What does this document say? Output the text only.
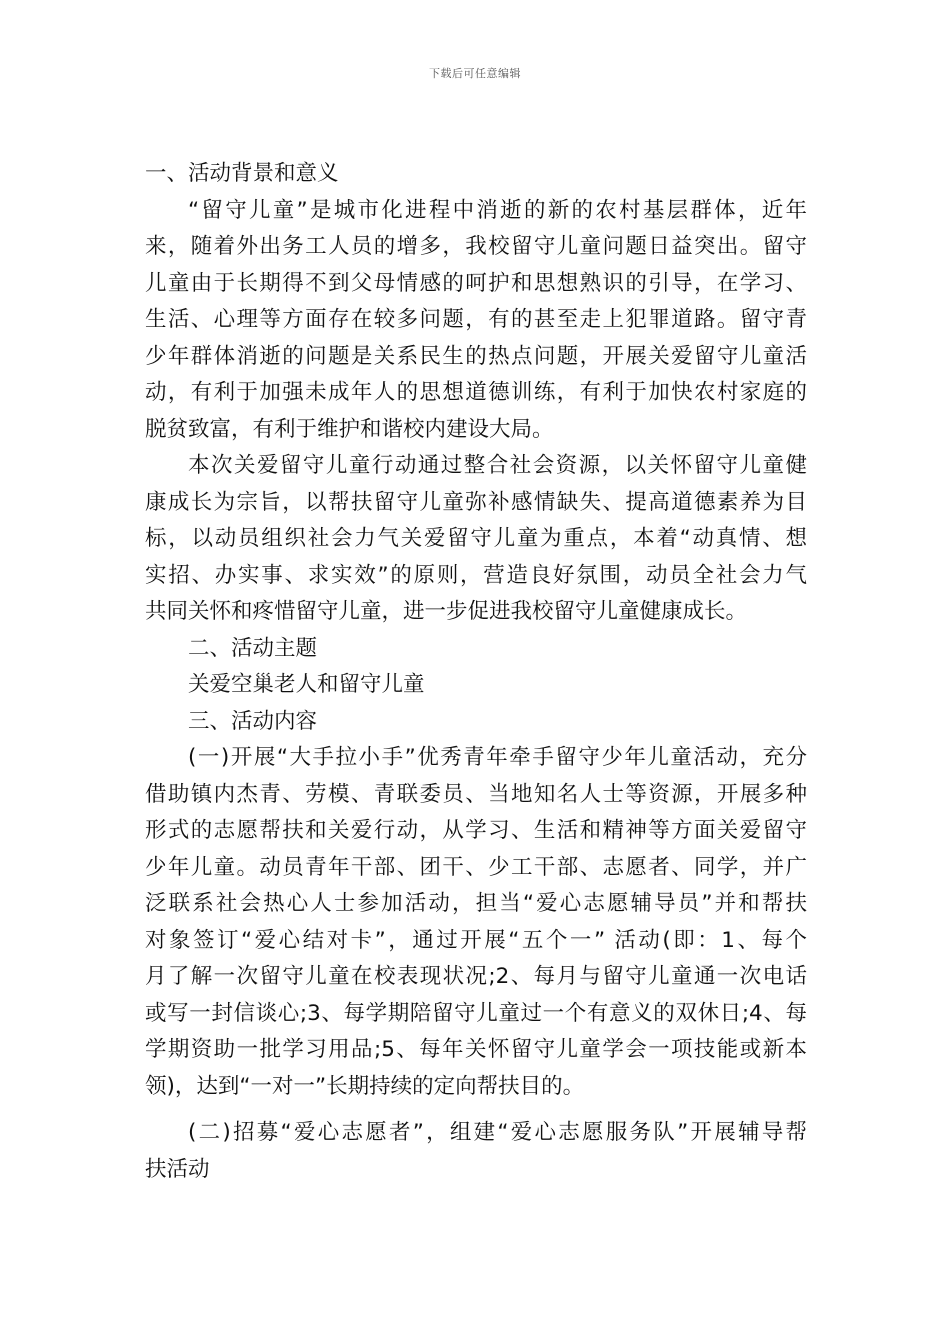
下载后可任意编辑
一、活动背景和意义
“留守儿童”是城市化进程中消逝的新的农村基层群体，近年
来，随着外出务工人员的增多，我校留守儿童问题日益突出。留守
儿童由于长期得不到父母情感的呵护和思想熟识的引导，在学习、
生活、心理等方面存在较多问题，有的甚至走上犯罪道路。留守青
少年群体消逝的问题是关系民生的热点问题，开展关爱留守儿童活
动，有利于加强未成年人的思想道德训练，有利于加快农村家庭的
脱贫致富，有利于维护和谐校内建设大局。
本次关爱留守儿童行动通过整合社会资源，以关怀留守儿童健
康成长为宗旨，以帮扶留守儿童弥补感情缺失、提高道德素养为目
标，以动员组织社会力气关爱留守儿童为重点，本着“动真情、想
实招、办实事、求实效”的原则，营造良好氛围，动员全社会力气
共同关怀和疼惜留守儿童，进一步促进我校留守儿童健康成长。
二、活动主题
关爱空巢老人和留守儿童
三、活动内容
(一)开展“大手拉小手”优秀青年牵手留守少年儿童活动，充分
借助镇内杰青、劳模、青联委员、当地知名人士等资源，开展多种
形式的志愿帮扶和关爱行动，从学习、生活和精神等方面关爱留守
少年儿童。动员青年干部、团干、少工干部、志愿者、同学，并广
泛联系社会热心人士参加活动，担当“爱心志愿辅导员”并和帮扶
对象签订“爱心结对卡”，通过开展“五个一” 活动(即：1、每个
月了解一次留守儿童在校表现状况;2、每月与留守儿童通一次电话
或写一封信谈心;3、每学期陪留守儿童过一个有意义的双休日;4、每
学期资助一批学习用品;5、每年关怀留守儿童学会一项技能或新本
领)，达到“一对一”长期持续的定向帮扶目的。
(二)招募“爱心志愿者”，组建“爱心志愿服务队”开展辅导帮
扶活动
